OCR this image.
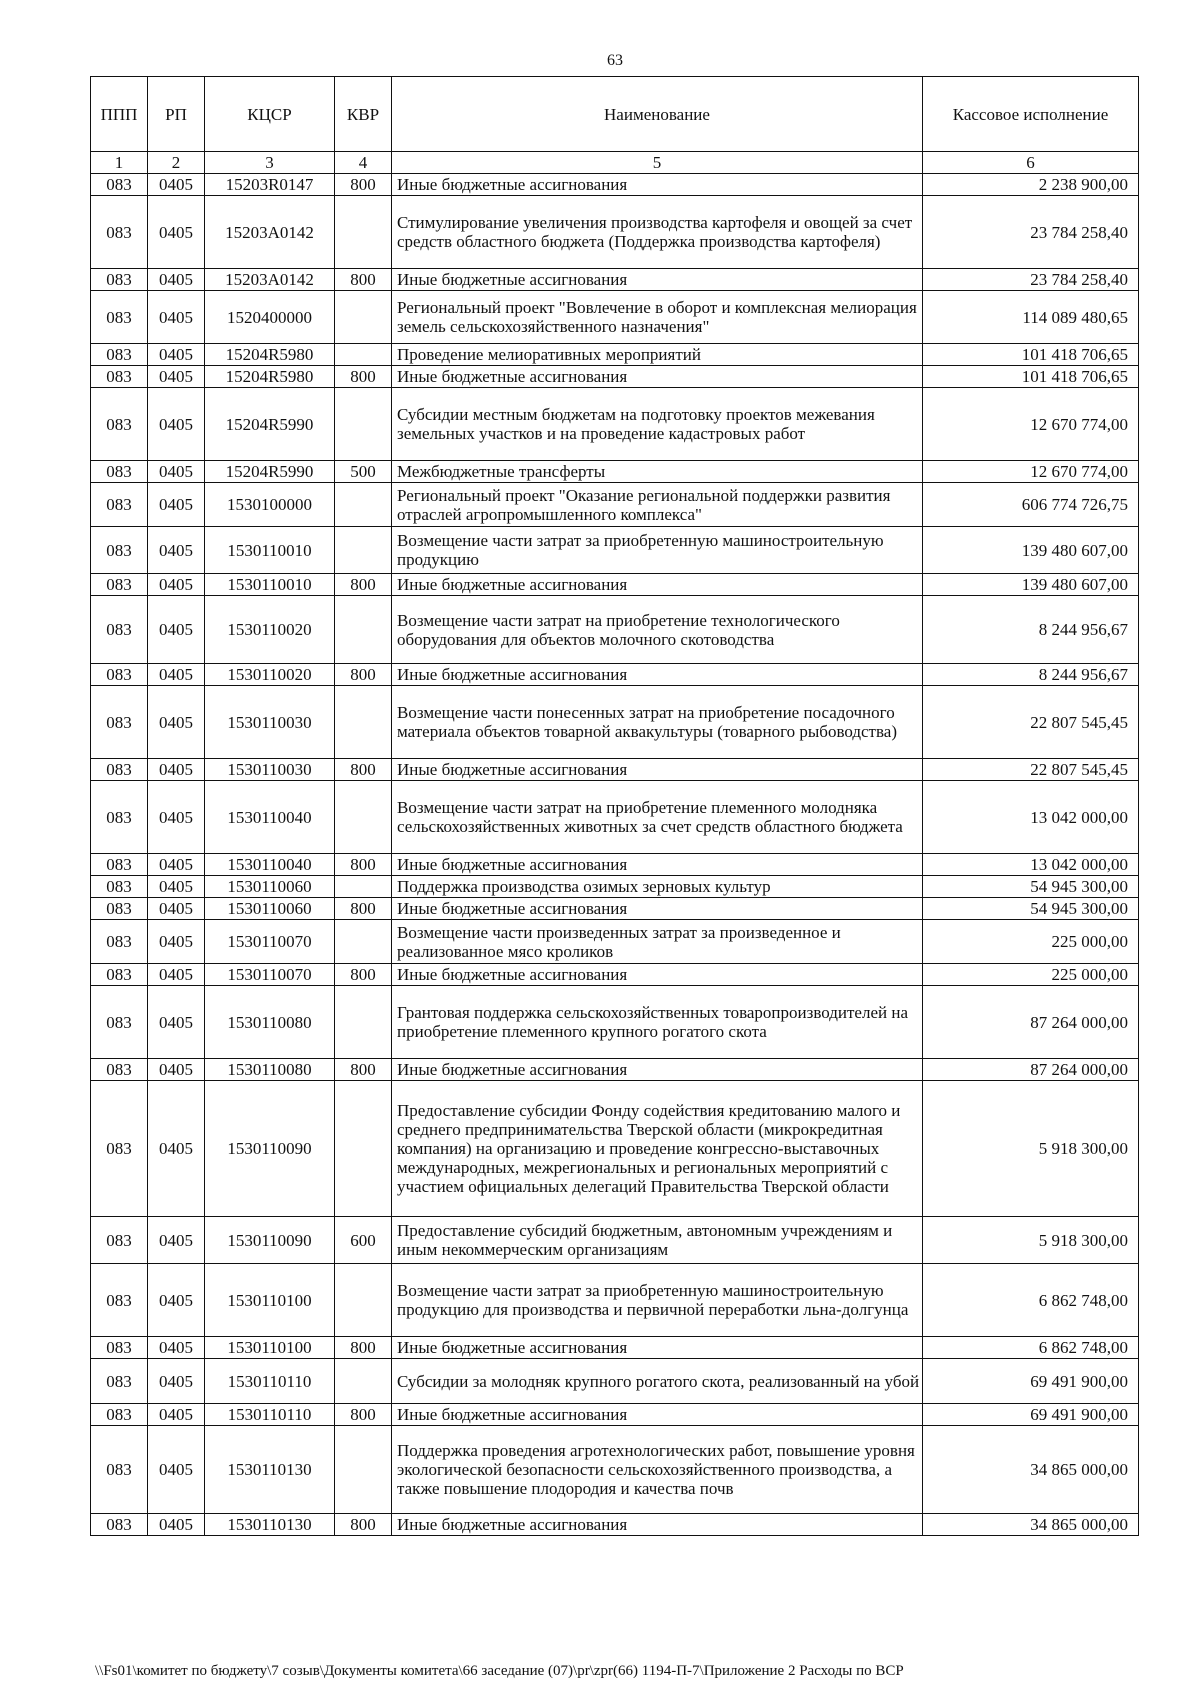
63
ППП	РП	КЦСР	КВР	Наименование	Кассовое исполнение
1	2	3	4	5	6
083	0405	15203R0147	800	Иные бюджетные ассигнования	2 238 900,00
083	0405	15203A0142		Стимулирование увеличения производства картофеля и овощей за счет средств областного бюджета (Поддержка производства картофеля)	23 784 258,40
083	0405	15203A0142	800	Иные бюджетные ассигнования	23 784 258,40
083	0405	1520400000		Региональный проект "Вовлечение в оборот и комплексная мелиорация земель сельскохозяйственного назначения"	114 089 480,65
083	0405	15204R5980		Проведение мелиоративных мероприятий	101 418 706,65
083	0405	15204R5980	800	Иные бюджетные ассигнования	101 418 706,65
083	0405	15204R5990		Субсидии местным бюджетам на подготовку проектов межевания земельных участков и на проведение кадастровых работ	12 670 774,00
083	0405	15204R5990	500	Межбюджетные трансферты	12 670 774,00
083	0405	1530100000		Региональный проект "Оказание региональной поддержки развития отраслей агропромышленного комплекса"	606 774 726,75
083	0405	1530110010		Возмещение части затрат за приобретенную машиностроительную продукцию	139 480 607,00
083	0405	1530110010	800	Иные бюджетные ассигнования	139 480 607,00
083	0405	1530110020		Возмещение части затрат на приобретение технологического оборудования для объектов молочного скотоводства	8 244 956,67
083	0405	1530110020	800	Иные бюджетные ассигнования	8 244 956,67
083	0405	1530110030		Возмещение части понесенных затрат на приобретение посадочного материала объектов товарной аквакультуры (товарного рыбоводства)	22 807 545,45
083	0405	1530110030	800	Иные бюджетные ассигнования	22 807 545,45
083	0405	1530110040		Возмещение части затрат на приобретение племенного молодняка сельскохозяйственных животных за счет средств областного бюджета	13 042 000,00
083	0405	1530110040	800	Иные бюджетные ассигнования	13 042 000,00
083	0405	1530110060		Поддержка производства озимых зерновых культур	54 945 300,00
083	0405	1530110060	800	Иные бюджетные ассигнования	54 945 300,00
083	0405	1530110070		Возмещение части произведенных затрат за произведенное и реализованное мясо кроликов	225 000,00
083	0405	1530110070	800	Иные бюджетные ассигнования	225 000,00
083	0405	1530110080		Грантовая поддержка сельскохозяйственных товаропроизводителей на приобретение племенного крупного рогатого скота	87 264 000,00
083	0405	1530110080	800	Иные бюджетные ассигнования	87 264 000,00
083	0405	1530110090		Предоставление субсидии Фонду содействия кредитованию малого и среднего предпринимательства Тверской области (микрокредитная компания) на организацию и проведение конгрессно-выставочных международных, межрегиональных и региональных мероприятий с участием официальных делегаций Правительства Тверской области	5 918 300,00
083	0405	1530110090	600	Предоставление субсидий бюджетным, автономным учреждениям и иным некоммерческим организациям	5 918 300,00
083	0405	1530110100		Возмещение части затрат за приобретенную машиностроительную продукцию для производства и первичной переработки льна-долгунца	6 862 748,00
083	0405	1530110100	800	Иные бюджетные ассигнования	6 862 748,00
083	0405	1530110110		Субсидии за молодняк крупного рогатого скота, реализованный на убой	69 491 900,00
083	0405	1530110110	800	Иные бюджетные ассигнования	69 491 900,00
083	0405	1530110130		Поддержка проведения агротехнологических работ, повышение уровня экологической безопасности сельскохозяйственного производства, а также повышение плодородия и качества почв	34 865 000,00
083	0405	1530110130	800	Иные бюджетные ассигнования	34 865 000,00
\\Fs01\комитет по бюджету\7 созыв\Документы комитета\66 заседание (07)\pr\zpr(66) 1194-П-7\Приложение 2 Расходы по ВСР
